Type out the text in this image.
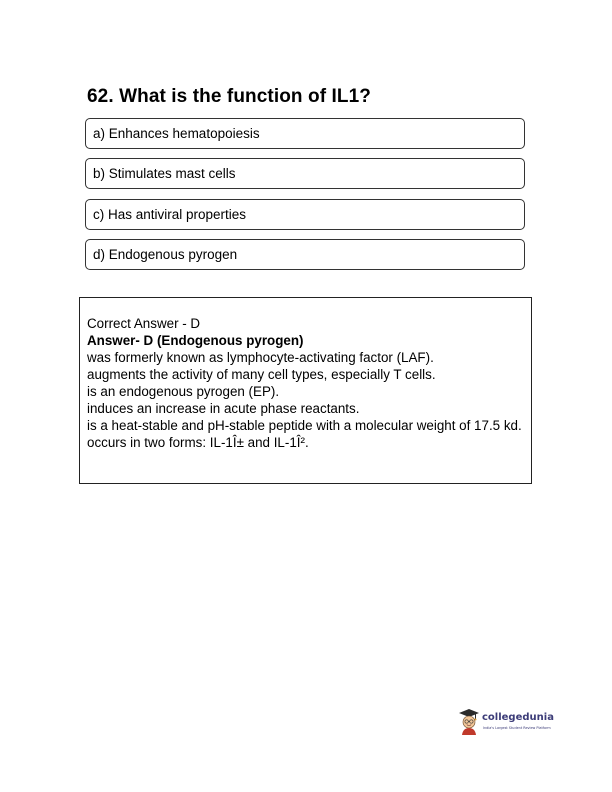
62. What is the function of IL1?
a) Enhances hematopoiesis
b) Stimulates mast cells
c) Has antiviral properties
d) Endogenous pyrogen
Correct Answer - D
Answer- D (Endogenous pyrogen)
was formerly known as lymphocyte-activating factor (LAF).
augments the activity of many cell types, especially T cells.
is an endogenous pyrogen (EP).
induces an increase in acute phase reactants.
is a heat-stable and pH-stable peptide with a molecular weight of 17.5 kd.
occurs in two forms: IL-1Î± and IL-1Î².
collegedunia
India's Largest Student Review Platform
